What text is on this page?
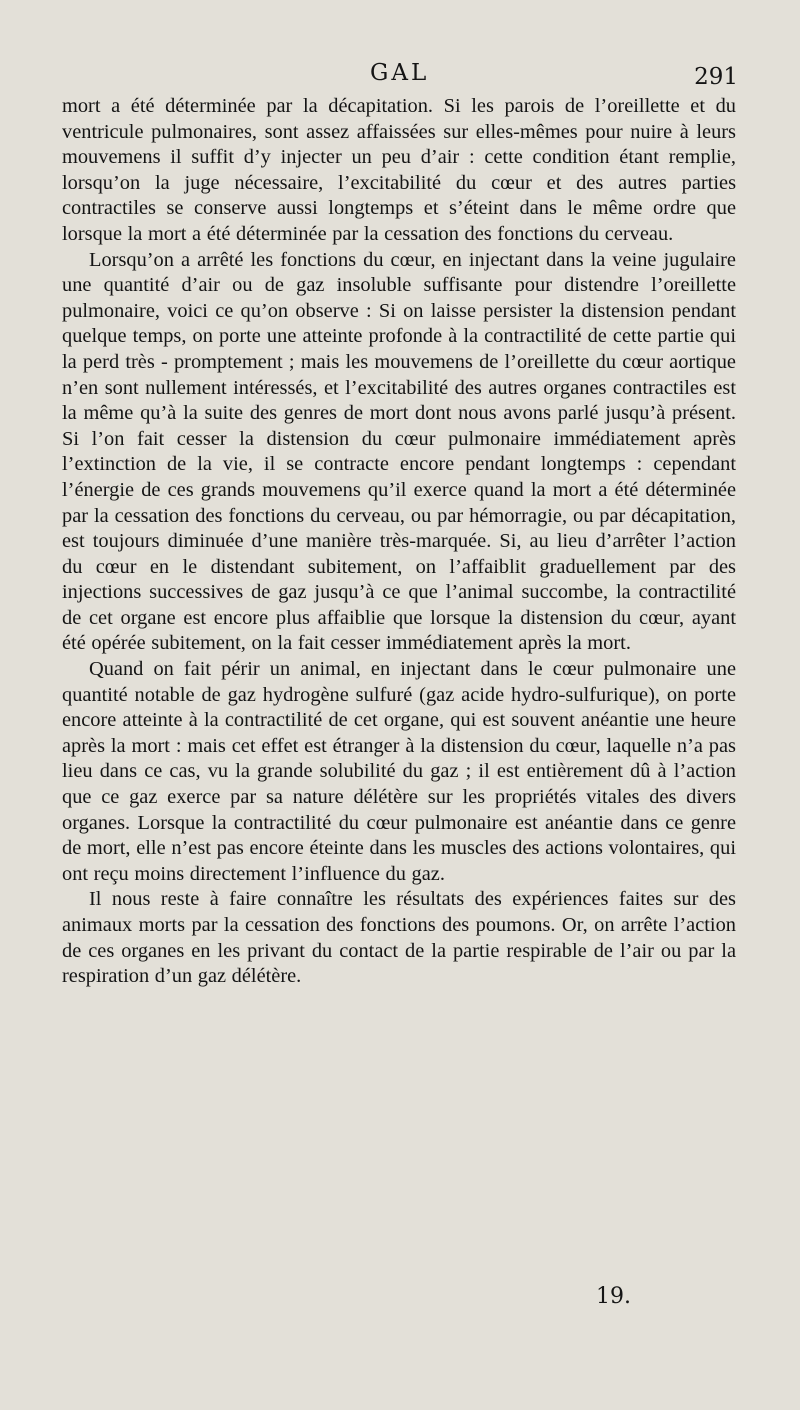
GAL	291

mort a été déterminée par la décapitation. Si les parois de l’oreillette et du ventricule pulmonaires, sont assez affaissées sur elles-mêmes pour nuire à leurs mouvemens il suffit d’y injecter un peu d’air : cette condition étant remplie, lorsqu’on la juge nécessaire, l’excitabilité du cœur et des autres parties contractiles se conserve aussi longtemps et s’éteint dans le même ordre que lorsque la mort a été déterminée par la cessation des fonctions du cerveau.

Lorsqu’on a arrêté les fonctions du cœur, en injectant dans la veine jugulaire une quantité d’air ou de gaz insoluble suffisante pour distendre l’oreillette pulmonaire, voici ce qu’on observe : Si on laisse persister la distension pendant quelque temps, on porte une atteinte profonde à la contractilité de cette partie qui la perd très - promptement ; mais les mouvemens de l’oreillette du cœur aortique n’en sont nullement intéressés, et l’excitabilité des autres organes contractiles est la même qu’à la suite des genres de mort dont nous avons parlé jusqu’à présent. Si l’on fait cesser la distension du cœur pulmonaire immédiatement après l’extinction de la vie, il se contracte encore pendant longtemps : cependant l’énergie de ces grands mouvemens qu’il exerce quand la mort a été déterminée par la cessation des fonctions du cerveau, ou par hémorragie, ou par décapitation, est toujours diminuée d’une manière très-marquée. Si, au lieu d’arrêter l’action du cœur en le distendant subitement, on l’affaiblit graduellement par des injections successives de gaz jusqu’à ce que l’animal succombe, la contractilité de cet organe est encore plus affaiblie que lorsque la distension du cœur, ayant été opérée subitement, on la fait cesser immédiatement après la mort.

Quand on fait périr un animal, en injectant dans le cœur pulmonaire une quantité notable de gaz hydrogène sulfuré (gaz acide hydro-sulfurique), on porte encore atteinte à la contractilité de cet organe, qui est souvent anéantie une heure après la mort : mais cet effet est étranger à la distension du cœur, laquelle n’a pas lieu dans ce cas, vu la grande solubilité du gaz ; il est entièrement dû à l’action que ce gaz exerce par sa nature délétère sur les propriétés vitales des divers organes. Lorsque la contractilité du cœur pulmonaire est anéantie dans ce genre de mort, elle n’est pas encore éteinte dans les muscles des actions volontaires, qui ont reçu moins directement l’influence du gaz.

Il nous reste à faire connaître les résultats des expériences faites sur des animaux morts par la cessation des fonctions des poumons. Or, on arrête l’action de ces organes en les privant du contact de la partie respirable de l’air ou par la respiration d’un gaz délétère.

19.
